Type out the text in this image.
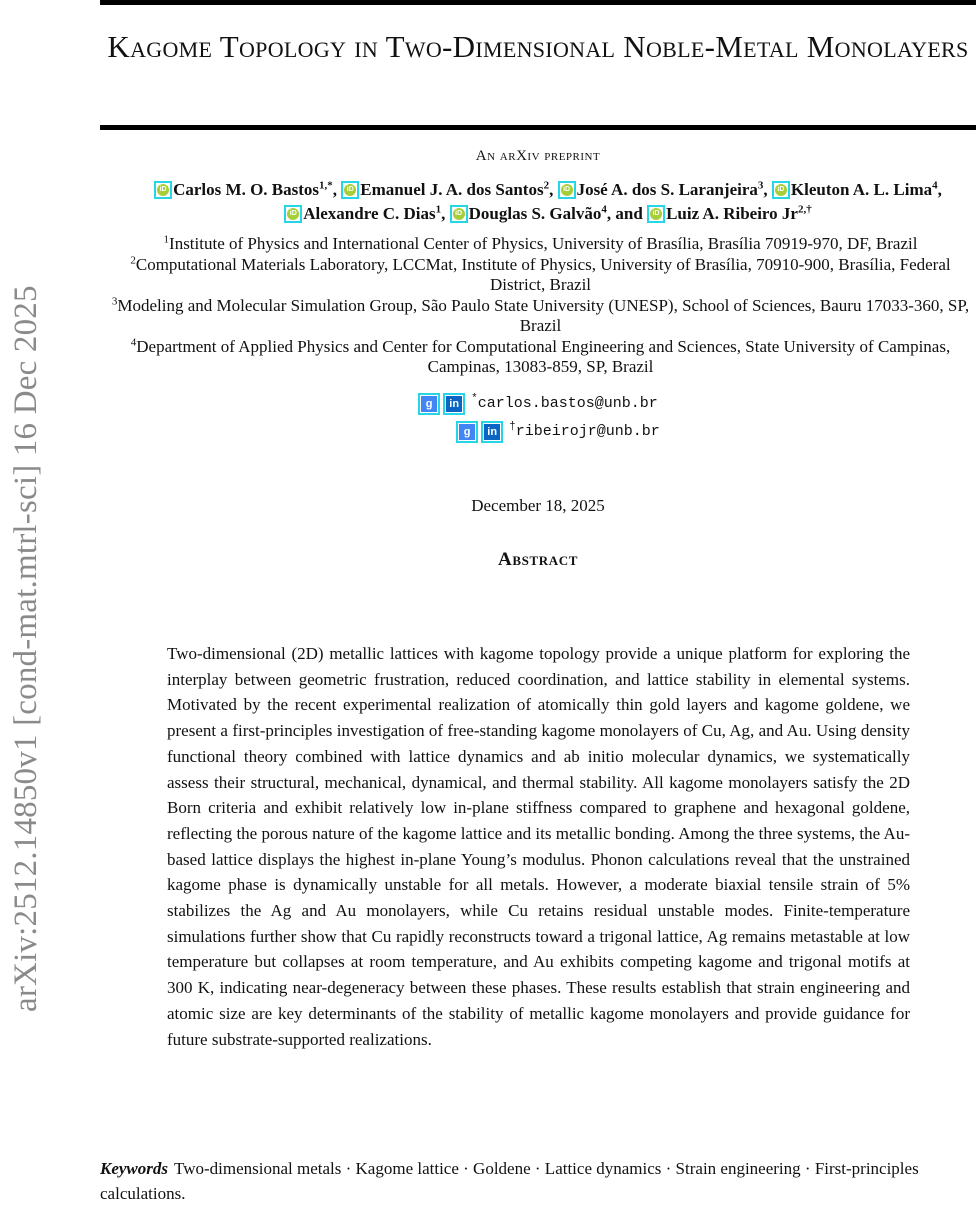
arXiv:2512.14850v1 [cond-mat.mtrl-sci] 16 Dec 2025
Kagome Topology in Two-Dimensional Noble-Metal Monolayers
An arXiv preprint
iD Carlos M. O. Bastos$^{1,*}$, iD Emanuel J. A. dos Santos$^2$, iD José A. dos S. Laranjeira$^3$, iD Kleuton A. L. Lima$^4$,
iD Alexandre C. Dias$^1$, iD Douglas S. Galvão$^4$, and iD Luiz A. Ribeiro $Jr^{2,\dagger}$
$^1$Institute of Physics and International Center of Physics, University of Brasília, Brasília 70919-970, DF, Brazil
$^2$Computational Materials Laboratory, LCCMat, Institute of Physics, University of Brasília, 70910-900, Brasília, Federal District, Brazil
$^3$Modeling and Molecular Simulation Group, São Paulo State University (UNESP), School of Sciences, Bauru 17033-360, SP, Brazil
$^4$Department of Applied Physics and Center for Computational Engineering and Sciences, State University of Campinas, Campinas, 13083-859, SP, Brazil
g	in *carlos.bastos@unb.br
g	in †ribeirojr@unb.br
December 18, 2025
Abstract

Two-dimensional (2D) metallic lattices with kagome topology provide a unique platform for exploring the interplay between geometric frustration, reduced coordination, and lattice stability in elemental systems. Motivated by the recent experimental realization of atomically thin gold layers and kagome goldene, we present a first-principles investigation of free-standing kagome monolayers of Cu, Ag, and Au. Using density functional theory combined with lattice dynamics and ab initio molecular dynamics, we systematically assess their structural, mechanical, dynamical, and thermal stability. All kagome monolayers satisfy the 2D Born criteria and exhibit relatively low in-plane stiffness compared to graphene and hexagonal goldene, reflecting the porous nature of the kagome lattice and its metallic bonding. Among the three systems, the Au-based lattice displays the highest in-plane Young’s modulus. Phonon calculations reveal that the unstrained kagome phase is dynamically unstable for all metals. However, a moderate biaxial tensile strain of 5% stabilizes the Ag and Au monolayers, while Cu retains residual unstable modes. Finite-temperature simulations further show that Cu rapidly reconstructs toward a trigonal lattice, Ag remains metastable at low temperature but collapses at room temperature, and Au exhibits competing kagome and trigonal motifs at 300 K, indicating near-degeneracy between these phases. These results establish that strain engineering and atomic size are key determinants of the stability of metallic kagome monolayers and provide guidance for future substrate-supported realizations.

Keywords Two-dimensional metals · Kagome lattice · Goldene · Lattice dynamics · Strain engineering · First-principles calculations.
